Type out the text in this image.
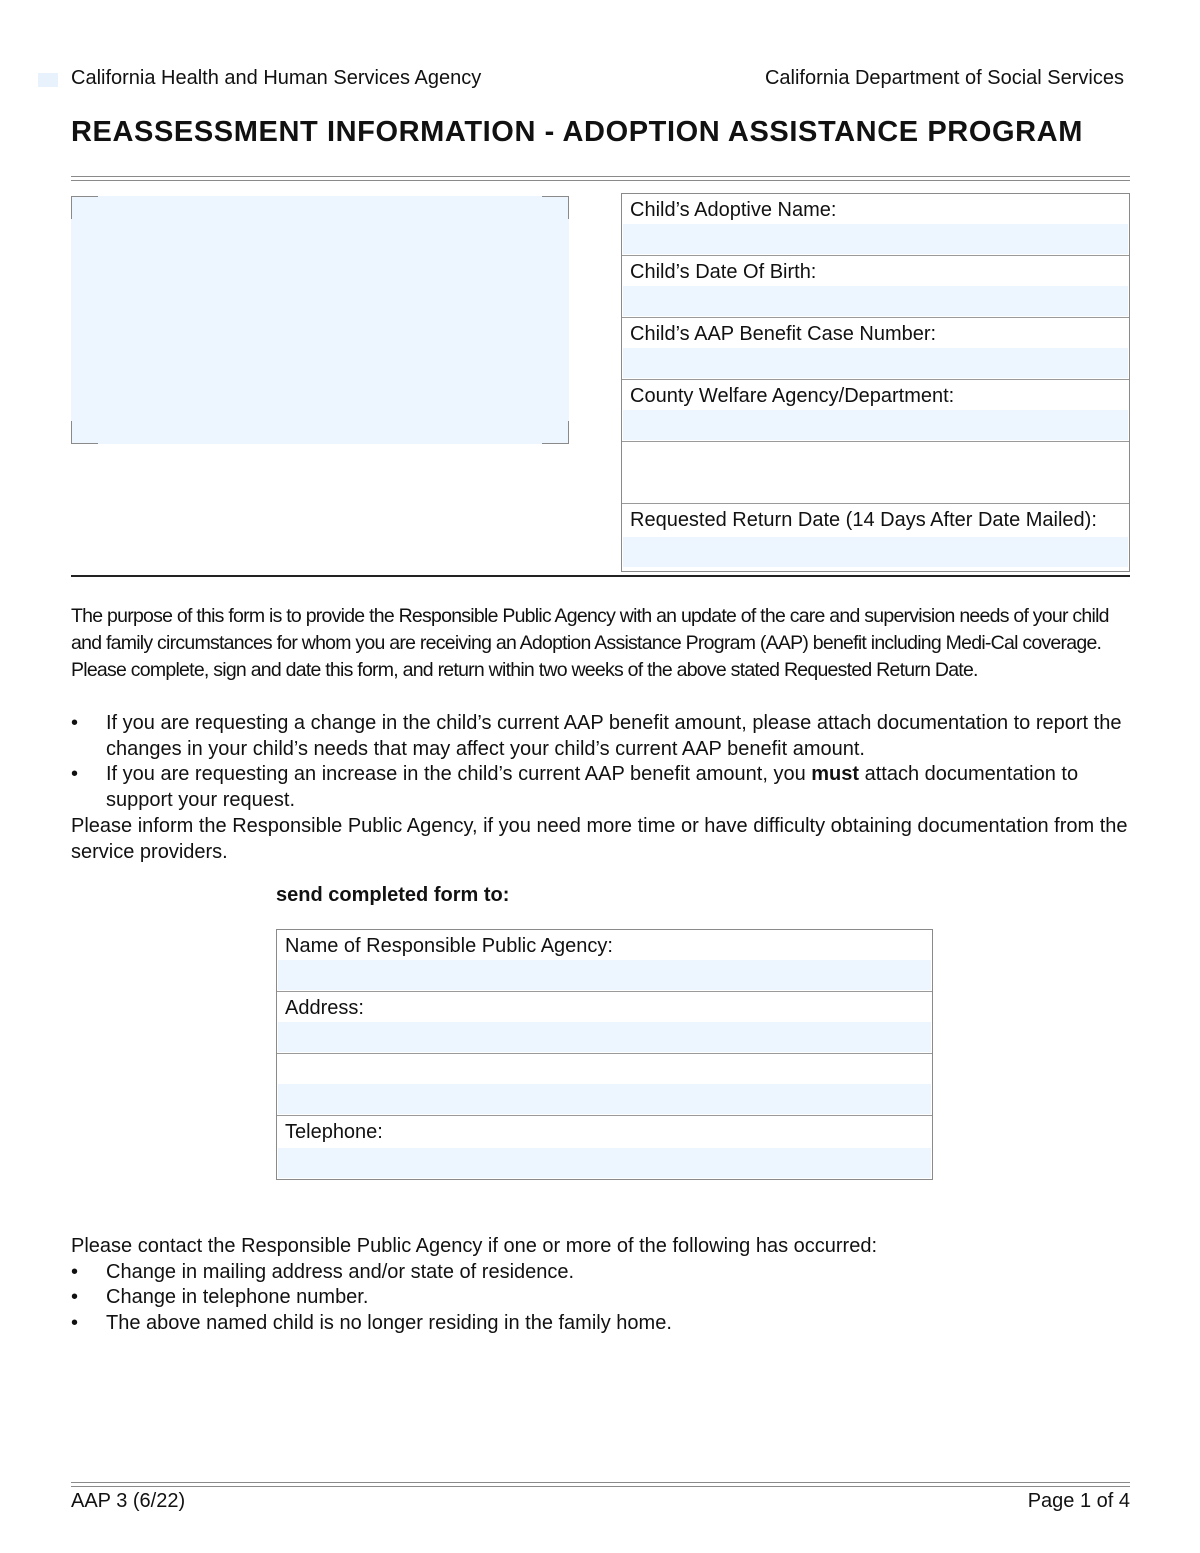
California Health and Human Services Agency	California Department of Social Services
REASSESSMENT INFORMATION - ADOPTION ASSISTANCE PROGRAM
Child’s Adoptive Name:
Child’s Date Of Birth:
Child’s AAP Benefit Case Number:
County Welfare Agency/Department:
Requested Return Date (14 Days After Date Mailed):
The purpose of this form is to provide the Responsible Public Agency with an update of the care and supervision needs of your child and family circumstances for whom you are receiving an Adoption Assistance Program (AAP) benefit including Medi-Cal coverage. Please complete, sign and date this form, and return within two weeks of the above stated Requested Return Date.
• If you are requesting a change in the child’s current AAP benefit amount, please attach documentation to report the changes in your child’s needs that may affect your child’s current AAP benefit amount.
• If you are requesting an increase in the child’s current AAP benefit amount, you must attach documentation to support your request.
Please inform the Responsible Public Agency, if you need more time or have difficulty obtaining documentation from the service providers.
send completed form to:
Name of Responsible Public Agency:
Address:
Telephone:
Please contact the Responsible Public Agency if one or more of the following has occurred:
• Change in mailing address and/or state of residence.
• Change in telephone number.
• The above named child is no longer residing in the family home.
AAP 3 (6/22)	Page 1 of 4
